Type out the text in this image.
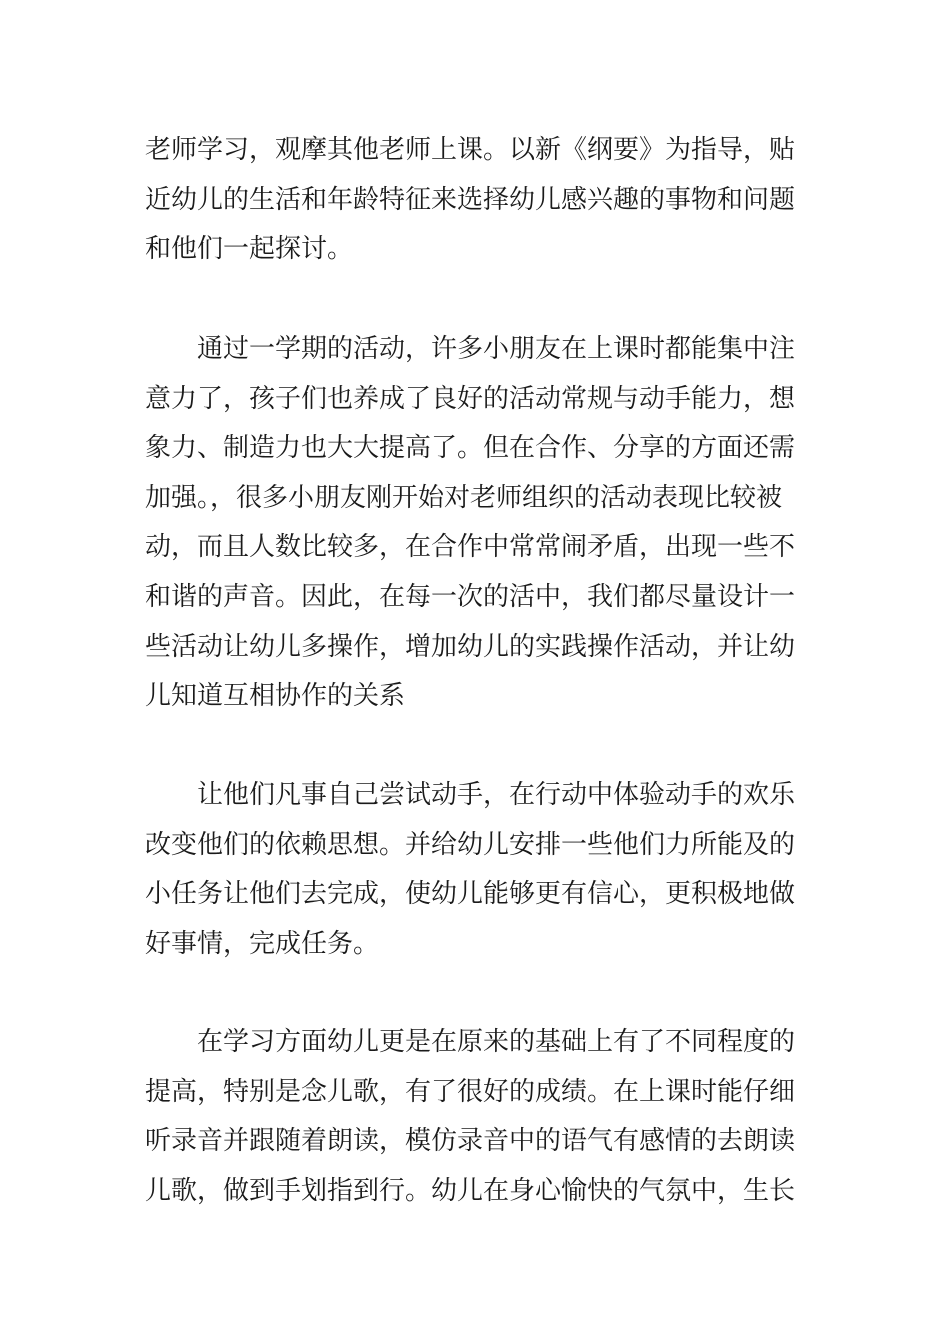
老师学习，观摩其他老师上课。以新《纲要》为指导，贴
近幼儿的生活和年龄特征来选择幼儿感兴趣的事物和问题
和他们一起探讨。
通过一学期的活动，许多小朋友在上课时都能集中注
意力了，孩子们也养成了良好的活动常规与动手能力，想
象力、制造力也大大提高了。但在合作、分享的方面还需
加强。，很多小朋友刚开始对老师组织的活动表现比较被
动，而且人数比较多，在合作中常常闹矛盾，出现一些不
和谐的声音。因此，在每一次的活中，我们都尽量设计一
些活动让幼儿多操作，增加幼儿的实践操作活动，并让幼
儿知道互相协作的关系
让他们凡事自己尝试动手，在行动中体验动手的欢乐
改变他们的依赖思想。并给幼儿安排一些他们力所能及的
小任务让他们去完成，使幼儿能够更有信心，更积极地做
好事情，完成任务。
在学习方面幼儿更是在原来的基础上有了不同程度的
提高，特别是念儿歌，有了很好的成绩。在上课时能仔细
听录音并跟随着朗读，模仿录音中的语气有感情的去朗读
儿歌，做到手划指到行。幼儿在身心愉快的气氛中，生长
